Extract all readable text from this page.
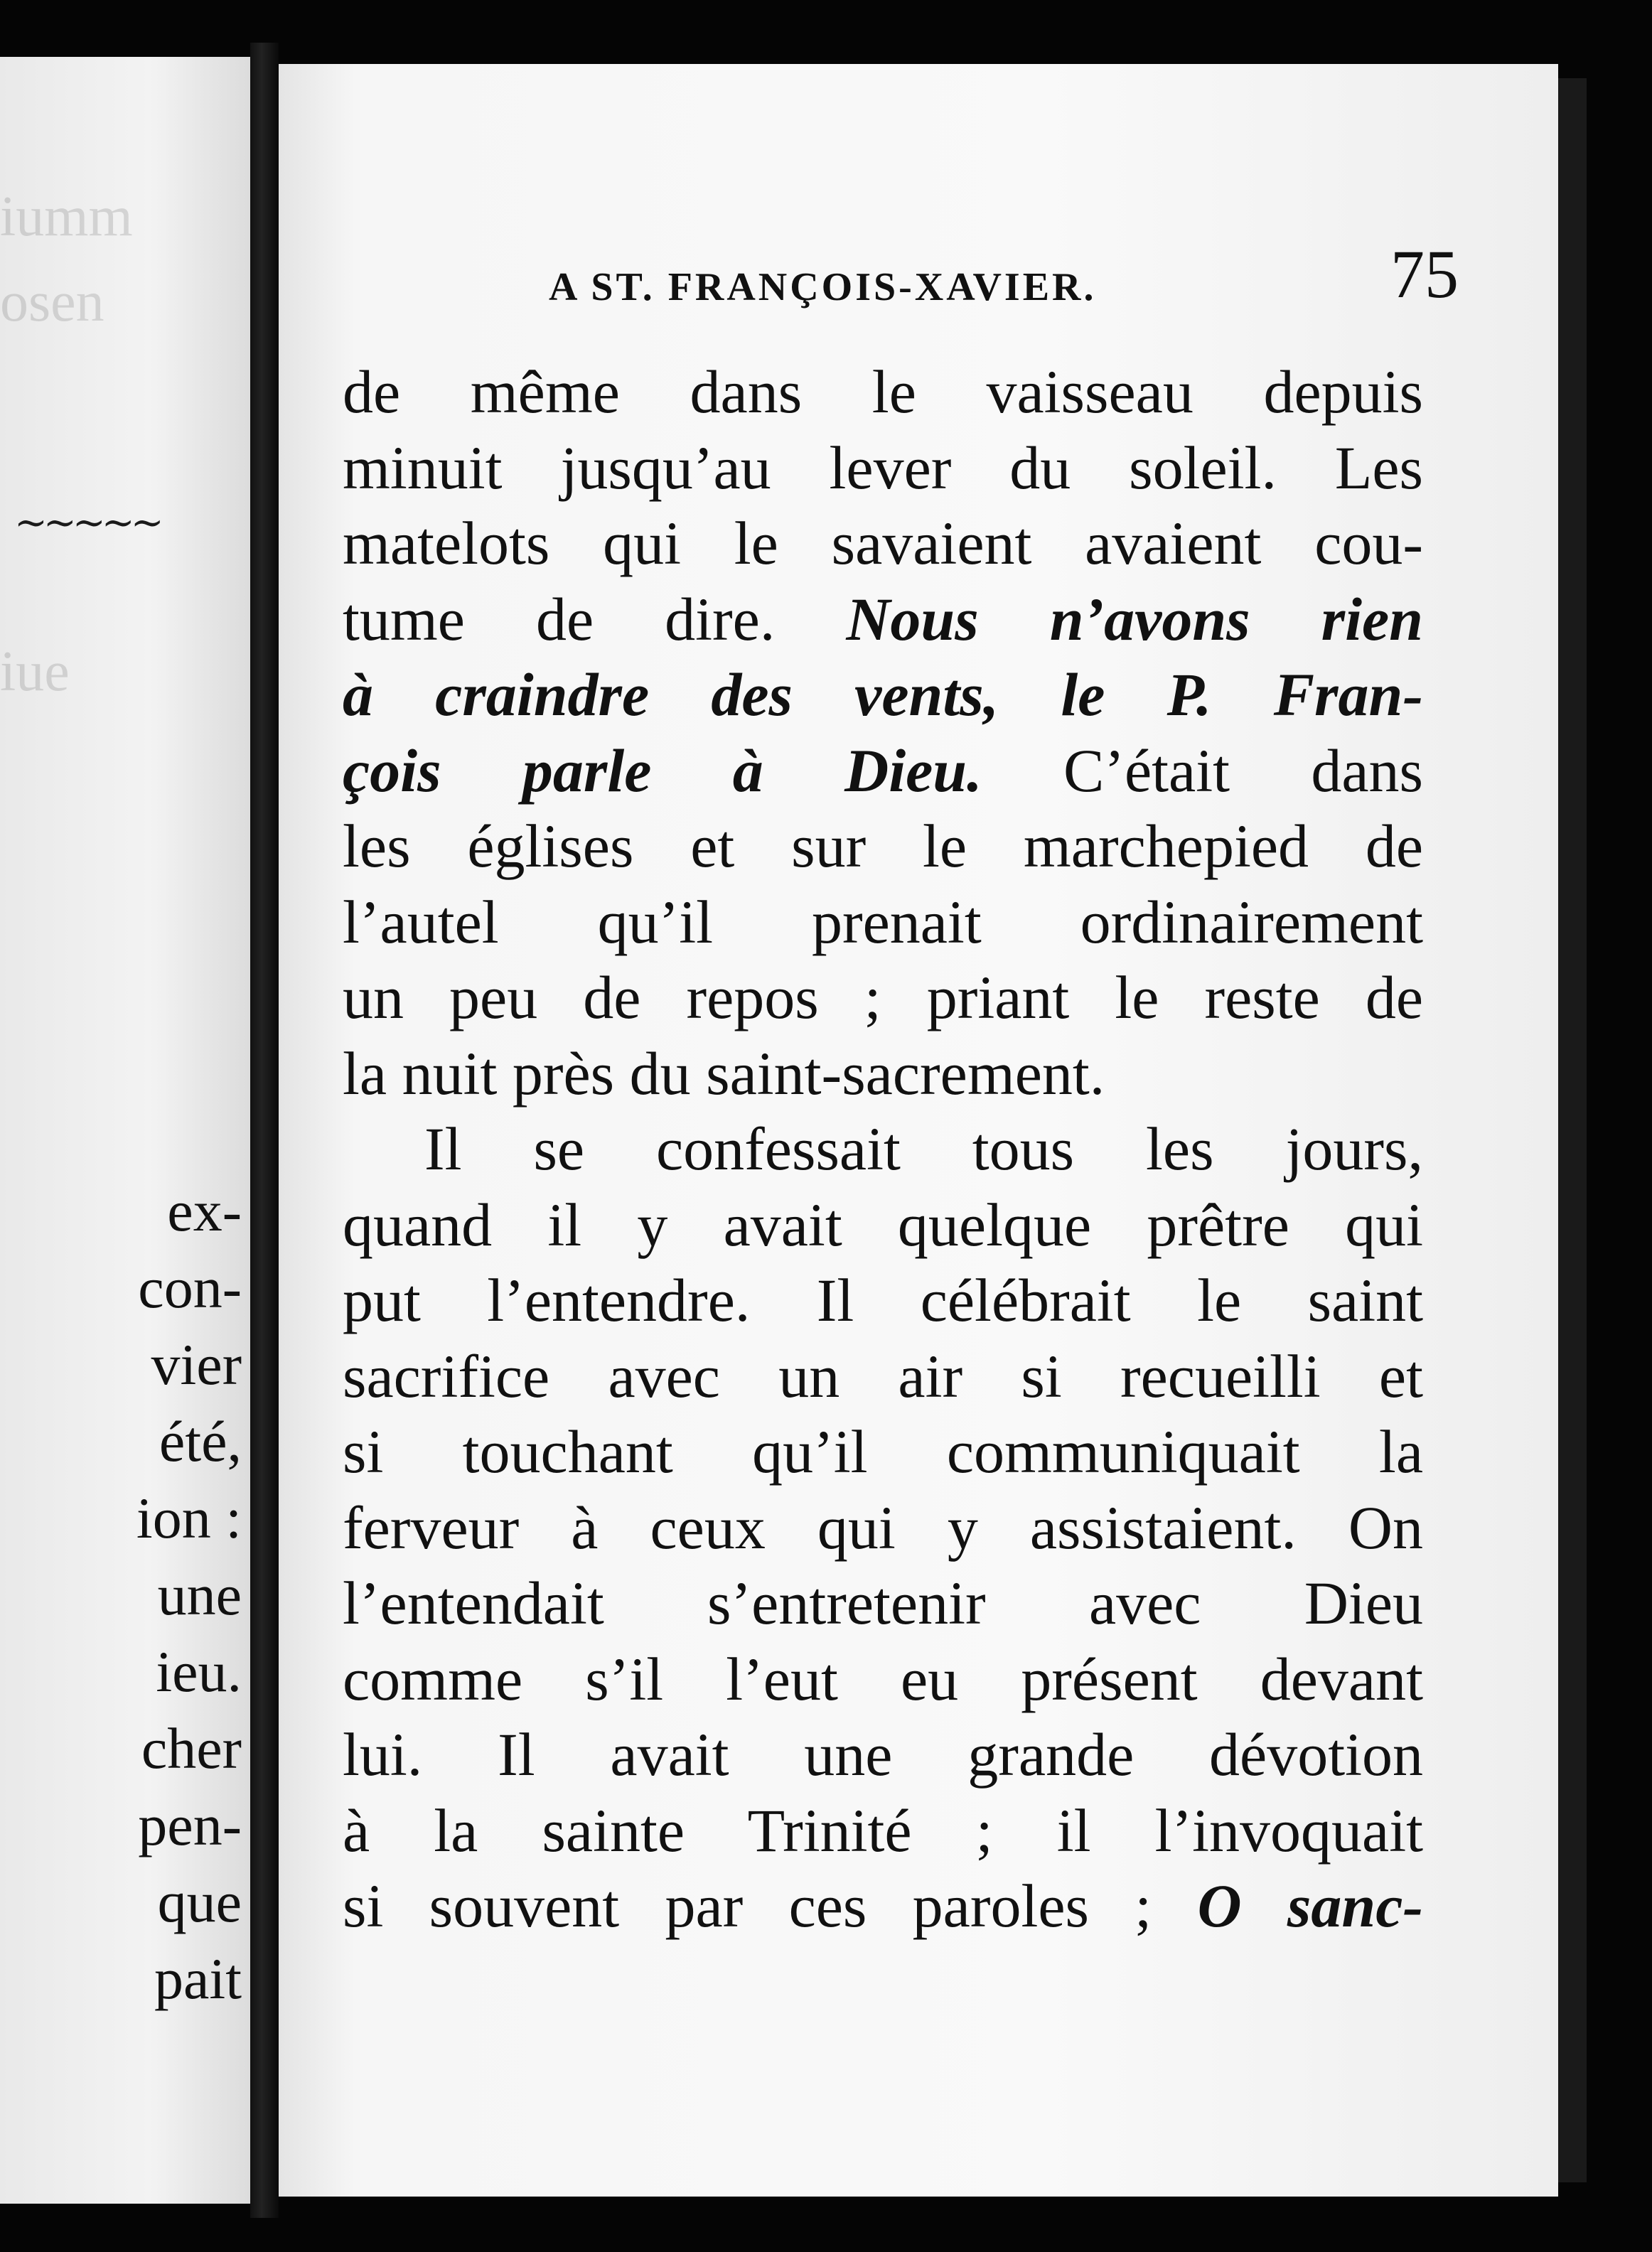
iumm
osen
iue
~~~~~
ex-
con-
vier
été,
ion :
une
ieu.
cher
pen-
que
pait
A ST. FRANÇOIS-XAVIER.	75
de même dans le vaisseau depuis
minuit jusqu’au lever du soleil. Les
matelots qui le savaient avaient cou-
tume de dire. Nous n’avons rien
à craindre des vents, le P. Fran-
çois parle à Dieu. C’était dans
les églises et sur le marchepied de
l’autel qu’il prenait ordinairement
un peu de repos ; priant le reste de
la nuit près du saint-sacrement.
Il se confessait tous les jours,
quand il y avait quelque prêtre qui
put l’entendre. Il célébrait le saint
sacrifice avec un air si recueilli et
si touchant qu’il communiquait la
ferveur à ceux qui y assistaient. On
l’entendait s’entretenir avec Dieu
comme s’il l’eut eu présent devant
lui. Il avait une grande dévotion
à la sainte Trinité ; il l’invoquait
si souvent par ces paroles ; O sanc-
